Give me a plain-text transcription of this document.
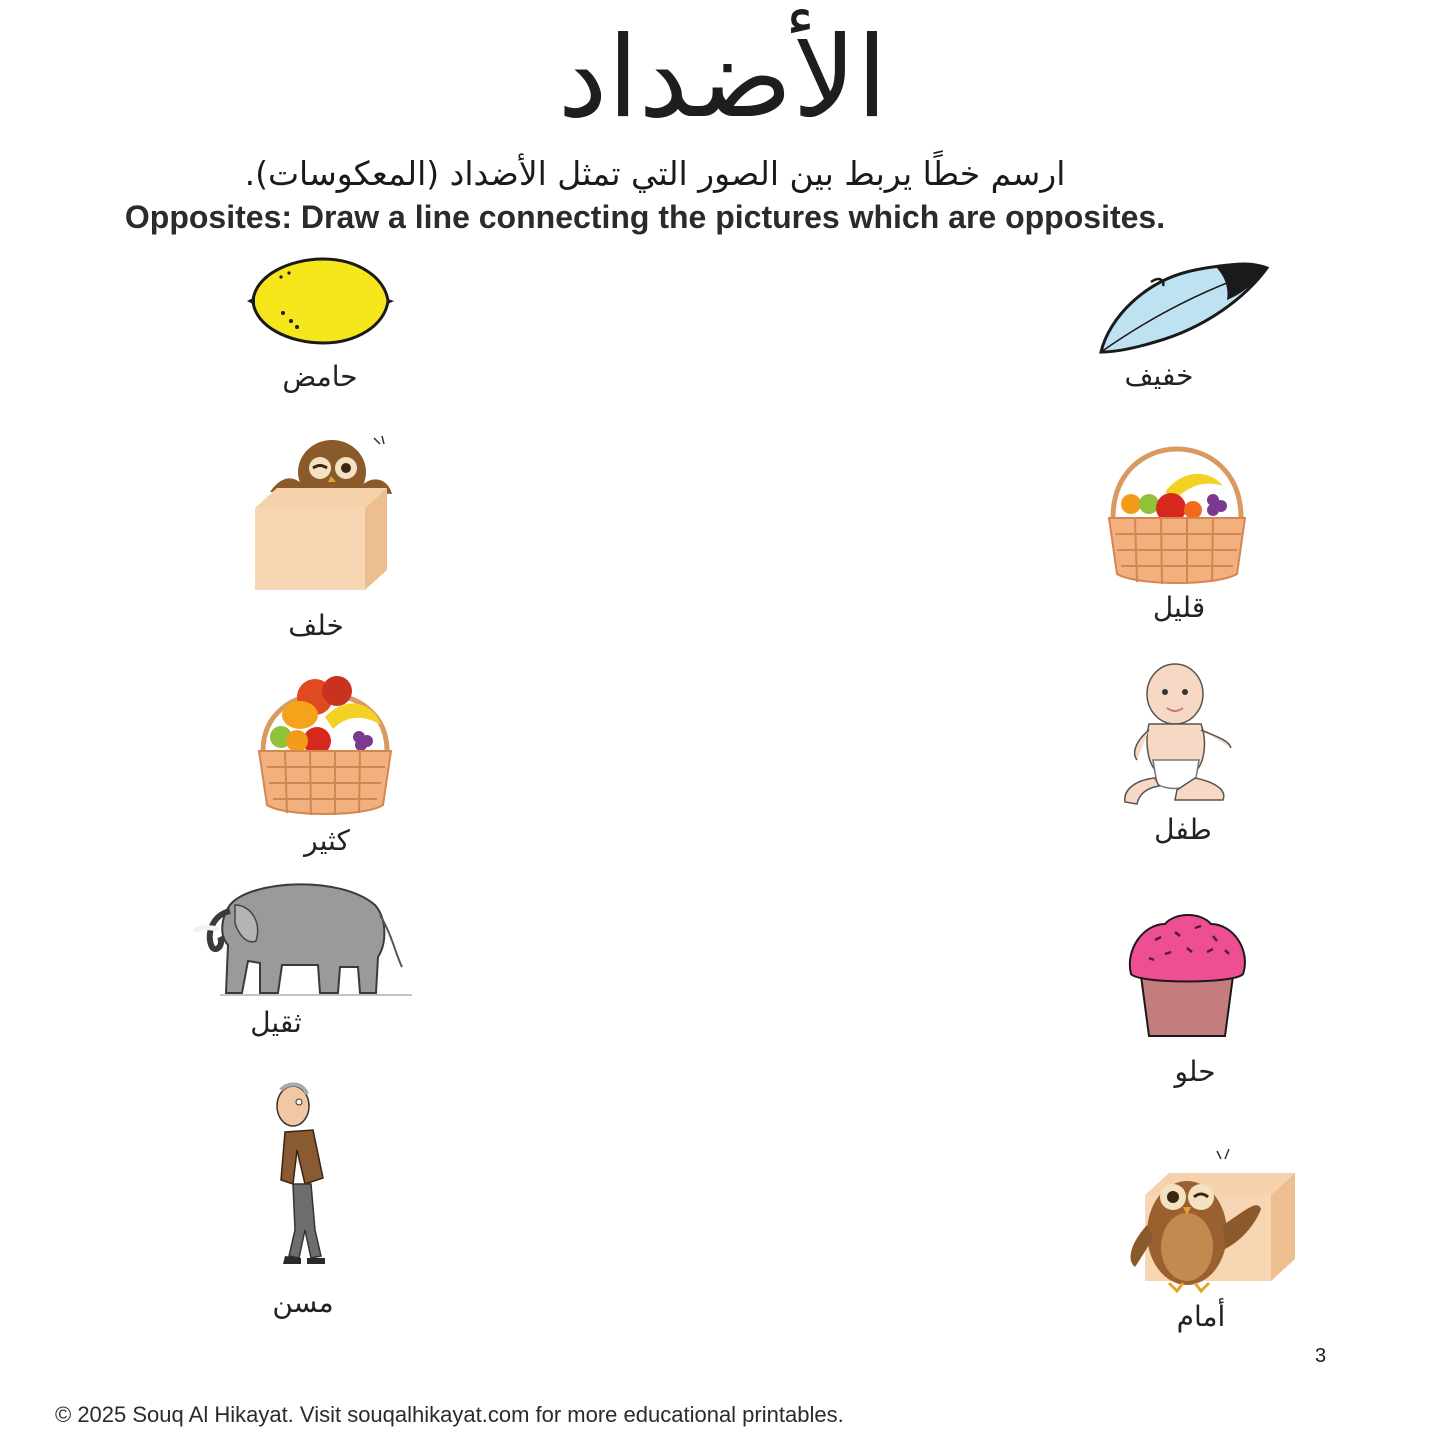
الأضداد
ارسم خطًا يربط بين الصور التي تمثل الأضداد (المعكوسات).
Opposites: Draw a line connecting the pictures which are opposites.
حامض
خلف
كثير
ثقيل
مسن
خفيف
قليل
طفل
حلو
أمام
3
© 2025 Souq Al Hikayat. Visit souqalhikayat.com for more educational printables.
